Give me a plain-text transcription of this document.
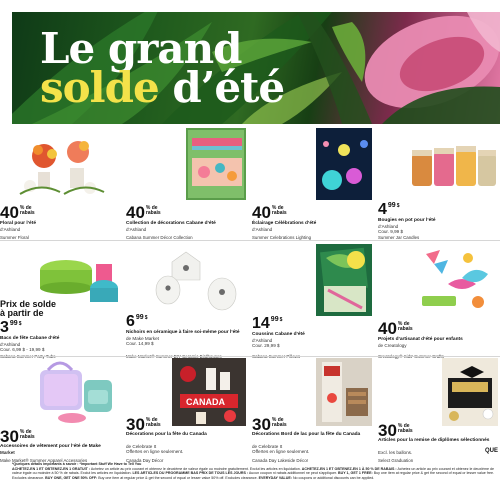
Le grand
solde d’été
40% de
rabais
Floral pour l’été
d’Ashland
Summer Floral
40% de
rabais
Collection de décorations Cabane d’été
d’Ashland
Cabana Summer Décor Collection
40% de
rabais
Éclairage Célébrations d’été
d’Ashland
Summer Celebrations Lighting
499$
Bougies en pot pour l’été
d’Ashland
Cour. 9,99 $
Summer Jar Candles
Prix de solde
à partir de
399$
Bacs de fête Cabane d’été
d’Ashland
Cour. 6,99 $ - 19,99 $
699$
Nichoirs en céramique à faire soi-même pour l’été
de Make Market
Cour. 14,99 $
1499$
Coussins Cabane d’été
d’Ashland
Cour. 29,99 $
40% de
rabais
Projets d’artisanat d’été pour enfants
de Creatology
30% de
rabais
Accessoires de vêtement pour l’été de Make
Market
Make Market® Summer Apparel Accessories
CANADA
30% de
rabais
Décorations pour la fête du Canada
de Celebrate It
Offertes en ligne seulement.
Canada Day Décor
30% de
rabais
Décorations Bord de lac pour la fête du Canada
de Celebrate It
Offertes en ligne seulement.
Canada Day Lakeside Décor
30% de
rabais
Articles pour la remise de diplômes sélectionnés
Excl. les ballons.
Select Graduation
QUE
*Quelques détails importants à savoir : *Important Stuff We Have to Tell You
ACHETEZ-EN 1 ET OBTENEZ-EN 1 GRATUIT : Achetez un article au prix courant et obtenez le deuxième de valeur égale ou moindre gratuitement. Exclut les articles en liquidation. ACHETEZ-EN 1 ET OBTENEZ-EN 1 À 50 % DE RABAIS : Achetez un article au prix courant et obtenez le deuxième de valeur égale ou moindre à 50 % de rabais. Exclut les articles en liquidation. LES ARTICLES DU PROGRAMME BAS PRIX DE TOUS LES JOURS : Aucun coupon ni rabais additionnel ne peut s’appliquer. BUY 1, GET 1 FREE: Buy one item at regular price & get the second of equal or lesser value free. Excludes clearance. BUY ONE, GET ONE 50% OFF: Buy one item at regular price & get the second of equal or lesser value 50% off. Excludes clearance. EVERYDAY VALUE: No coupons or additional discounts can be applied.
